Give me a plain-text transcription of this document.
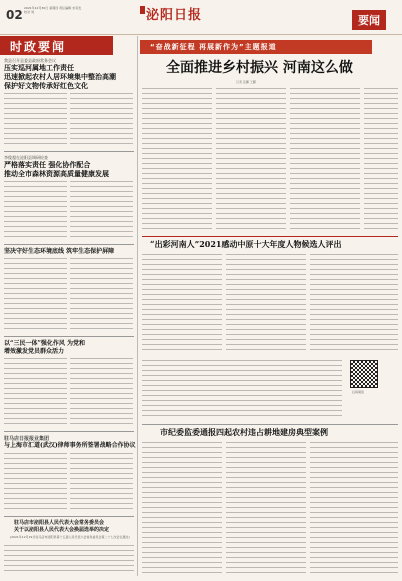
02 2021年12月30日 星期四 责任编辑 求有发 校对 刘	泌阳日报	要闻
时政要闻
我县召开县委县政府常务会议
压实巡河属地工作责任
迅速掀起农村人居环境集中整治高潮
保护好文物传承好红色文化
李俊超在泌阳县调研检查
严格落实责任 强化协作配合
推动全市森林资源高质量健康发展
坚决守好生态环境底线 筑牢生态保护屏障
以“三民一体”强化作风 为党和
增效激发党员群众活力
驻马店日报报业集团
与上海市汇道(武汉)律师事务所签署战略合作协议
驻马店市泌阳县人民代表大会常务委员会
关于以泌阳县人民代表大会换届选举的决定
(2021年12月29日驻马店市泌阳县第十五届人民代表大会常务委员会第二十七次会议通过)
“奋战新征程 再展新作为”主题报道
全面推进乡村振兴 河南这么做
记者 张鹏 王鹏
“出彩河南人”2021感动中原十大年度人物候选人评出
扫码阅读
市纪委监委通报四起农村违占耕地建房典型案例
